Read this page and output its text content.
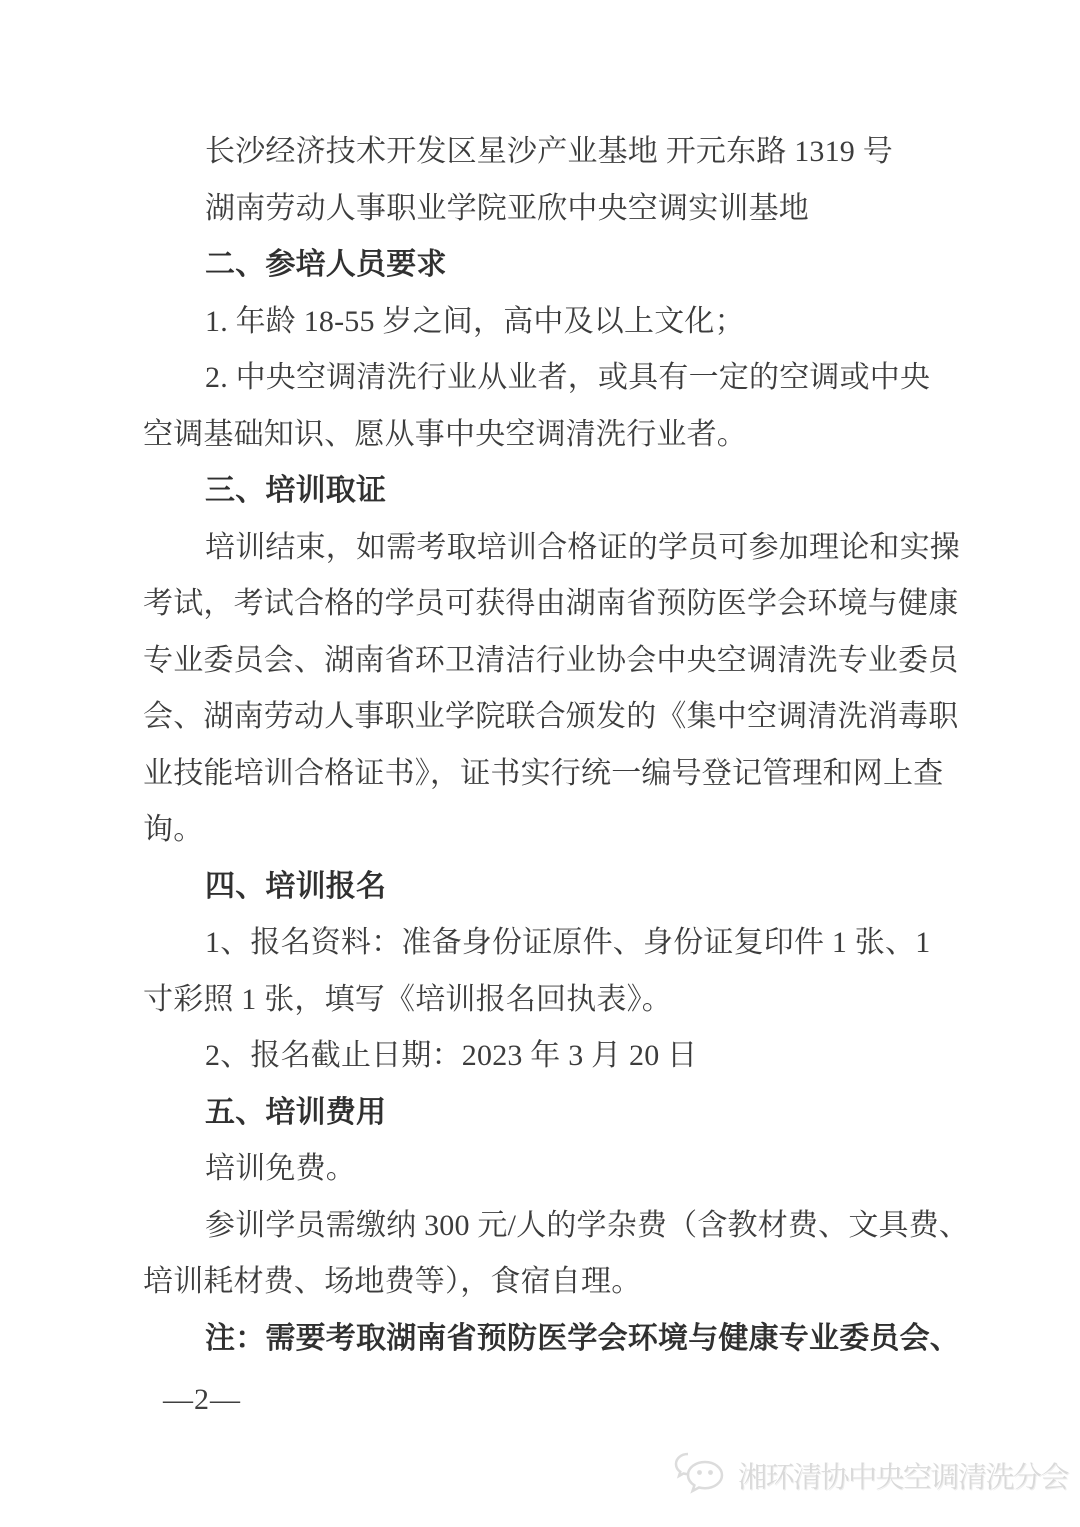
长沙经济技术开发区星沙产业基地 开元东路 1319 号
湖南劳动人事职业学院亚欣中央空调实训基地
二、参培人员要求
1. 年龄 18-55 岁之间，高中及以上文化；
2. 中央空调清洗行业从业者，或具有一定的空调或中央
空调基础知识、愿从事中央空调清洗行业者。
三、培训取证
培训结束，如需考取培训合格证的学员可参加理论和实操
考试，考试合格的学员可获得由湖南省预防医学会环境与健康
专业委员会、湖南省环卫清洁行业协会中央空调清洗专业委员
会、湖南劳动人事职业学院联合颁发的《集中空调清洗消毒职
业技能培训合格证书》，证书实行统一编号登记管理和网上查
询。
四、培训报名
1、报名资料：准备身份证原件、身份证复印件 1 张、1
寸彩照 1 张，填写《培训报名回执表》。
2、报名截止日期：2023 年 3 月 20 日
五、培训费用
培训免费。
参训学员需缴纳 300 元/人的学杂费（含教材费、文具费、
培训耗材费、场地费等），食宿自理。
注：需要考取湖南省预防医学会环境与健康专业委员会、
—2—
湘环清协中央空调清洗分会
